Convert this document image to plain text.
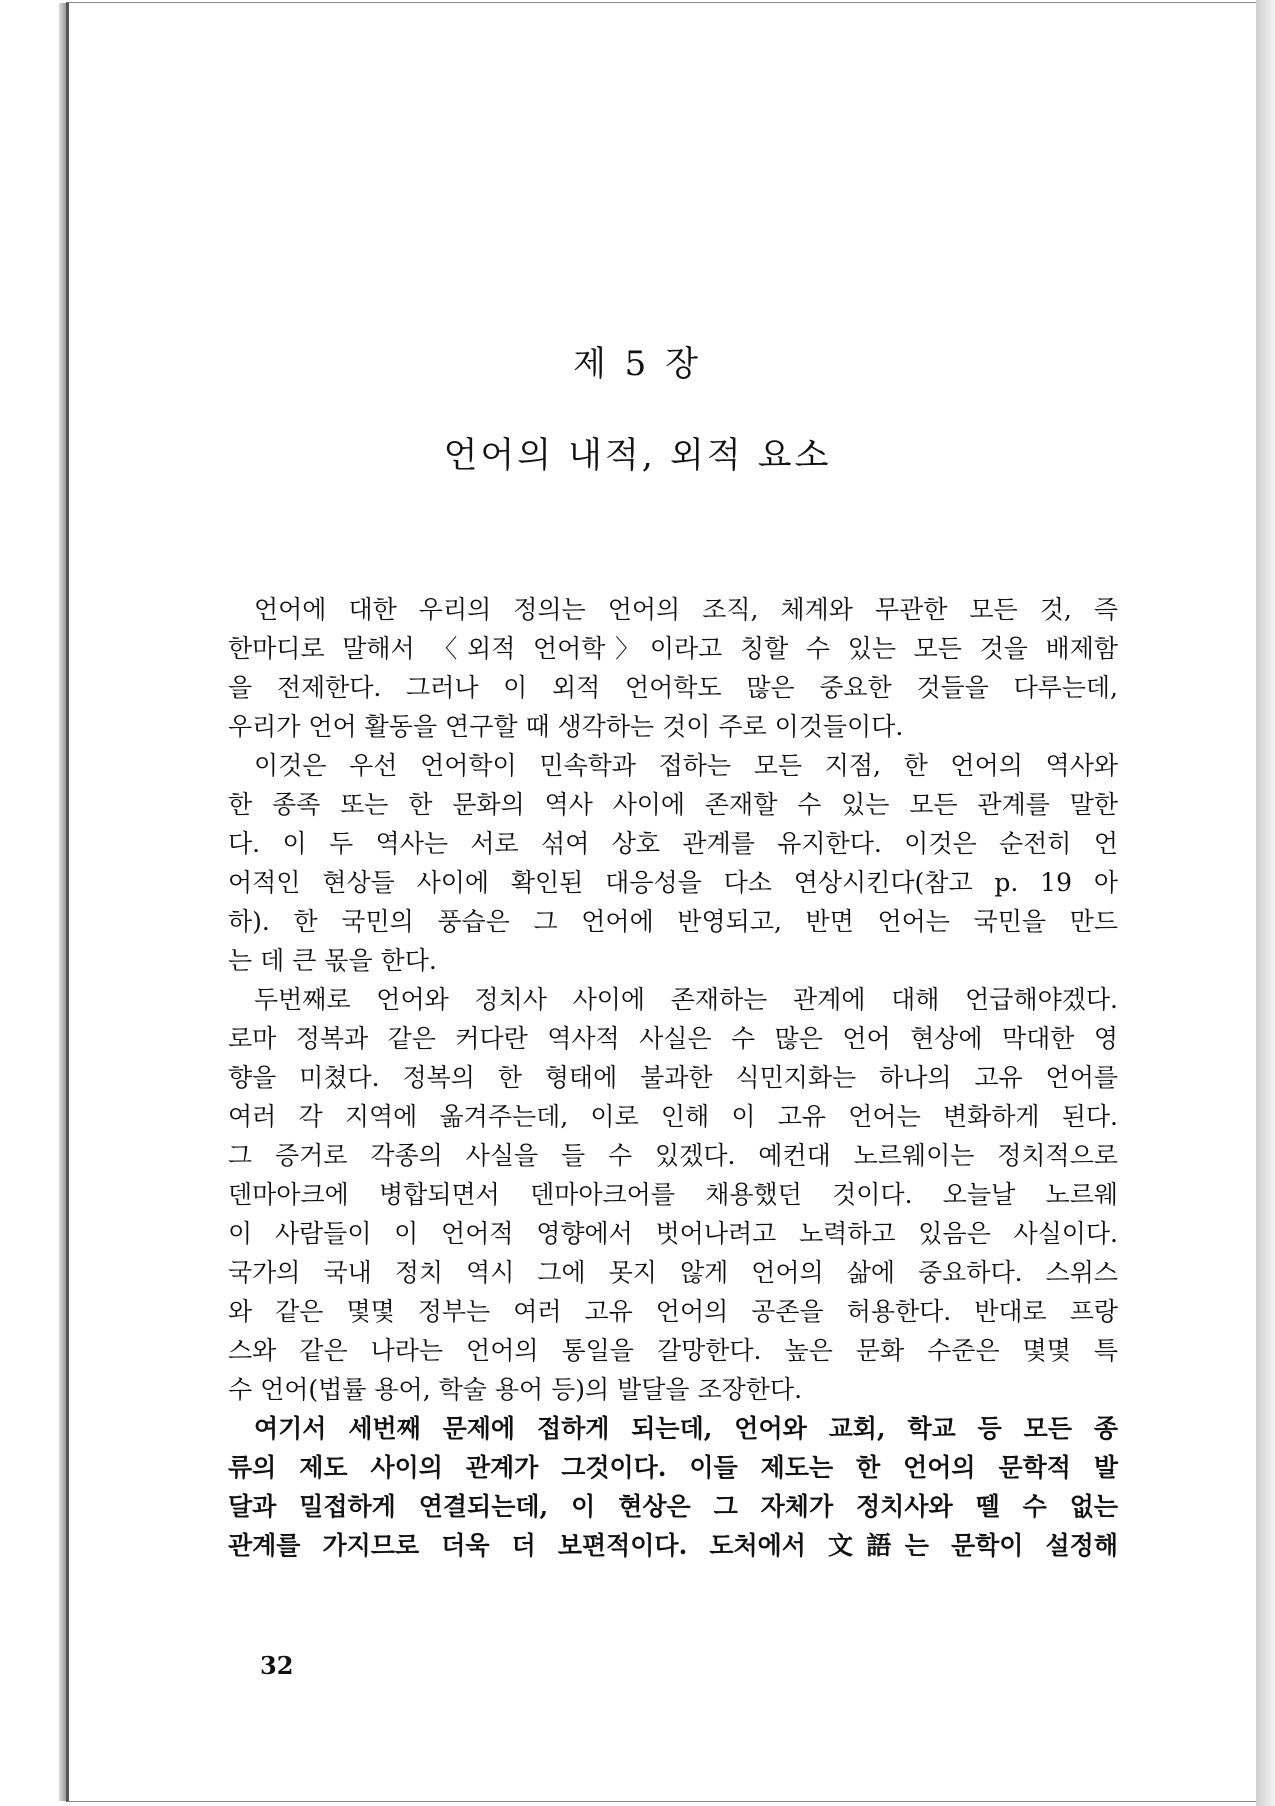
제 5 장
언어의 내적, 외적 요소

언어에 대한 우리의 정의는 언어의 조직, 체계와 무관한 모든 것, 즉
한마디로 말해서 〈외적 언어학〉이라고 칭할 수 있는 모든 것을 배제함
을 전제한다. 그러나 이 외적 언어학도 많은 중요한 것들을 다루는데,
우리가 언어 활동을 연구할 때 생각하는 것이 주로 이것들이다.

이것은 우선 언어학이 민속학과 접하는 모든 지점, 한 언어의 역사와
한 종족 또는 한 문화의 역사 사이에 존재할 수 있는 모든 관계를 말한
다. 이 두 역사는 서로 섞여 상호 관계를 유지한다. 이것은 순전히 언
어적인 현상들 사이에 확인된 대응성을 다소 연상시킨다(참고 p. 19 아
하). 한 국민의 풍습은 그 언어에 반영되고, 반면 언어는 국민을 만드
는 데 큰 몫을 한다.

두번째로 언어와 정치사 사이에 존재하는 관계에 대해 언급해야겠다.
로마 정복과 같은 커다란 역사적 사실은 수 많은 언어 현상에 막대한 영
향을 미쳤다. 정복의 한 형태에 불과한 식민지화는 하나의 고유 언어를
여러 각 지역에 옮겨주는데, 이로 인해 이 고유 언어는 변화하게 된다.
그 증거로 각종의 사실을 들 수 있겠다. 예컨대 노르웨이는 정치적으로
덴마아크에 병합되면서 덴마아크어를 채용했던 것이다. 오늘날 노르웨
이 사람들이 이 언어적 영향에서 벗어나려고 노력하고 있음은 사실이다.
국가의 국내 정치 역시 그에 못지 않게 언어의 삶에 중요하다. 스위스
와 같은 몇몇 정부는 여러 고유 언어의 공존을 허용한다. 반대로 프랑
스와 같은 나라는 언어의 통일을 갈망한다. 높은 문화 수준은 몇몇 특
수 언어(법률 용어, 학술 용어 등)의 발달을 조장한다.

여기서 세번째 문제에 접하게 되는데, 언어와 교회, 학교 등 모든 종
류의 제도 사이의 관계가 그것이다. 이들 제도는 한 언어의 문학적 발
달과 밀접하게 연결되는데, 이 현상은 그 자체가 정치사와 뗄 수 없는
관계를 가지므로 더욱 더 보편적이다. 도처에서 文語는 문학이 설정해

32
